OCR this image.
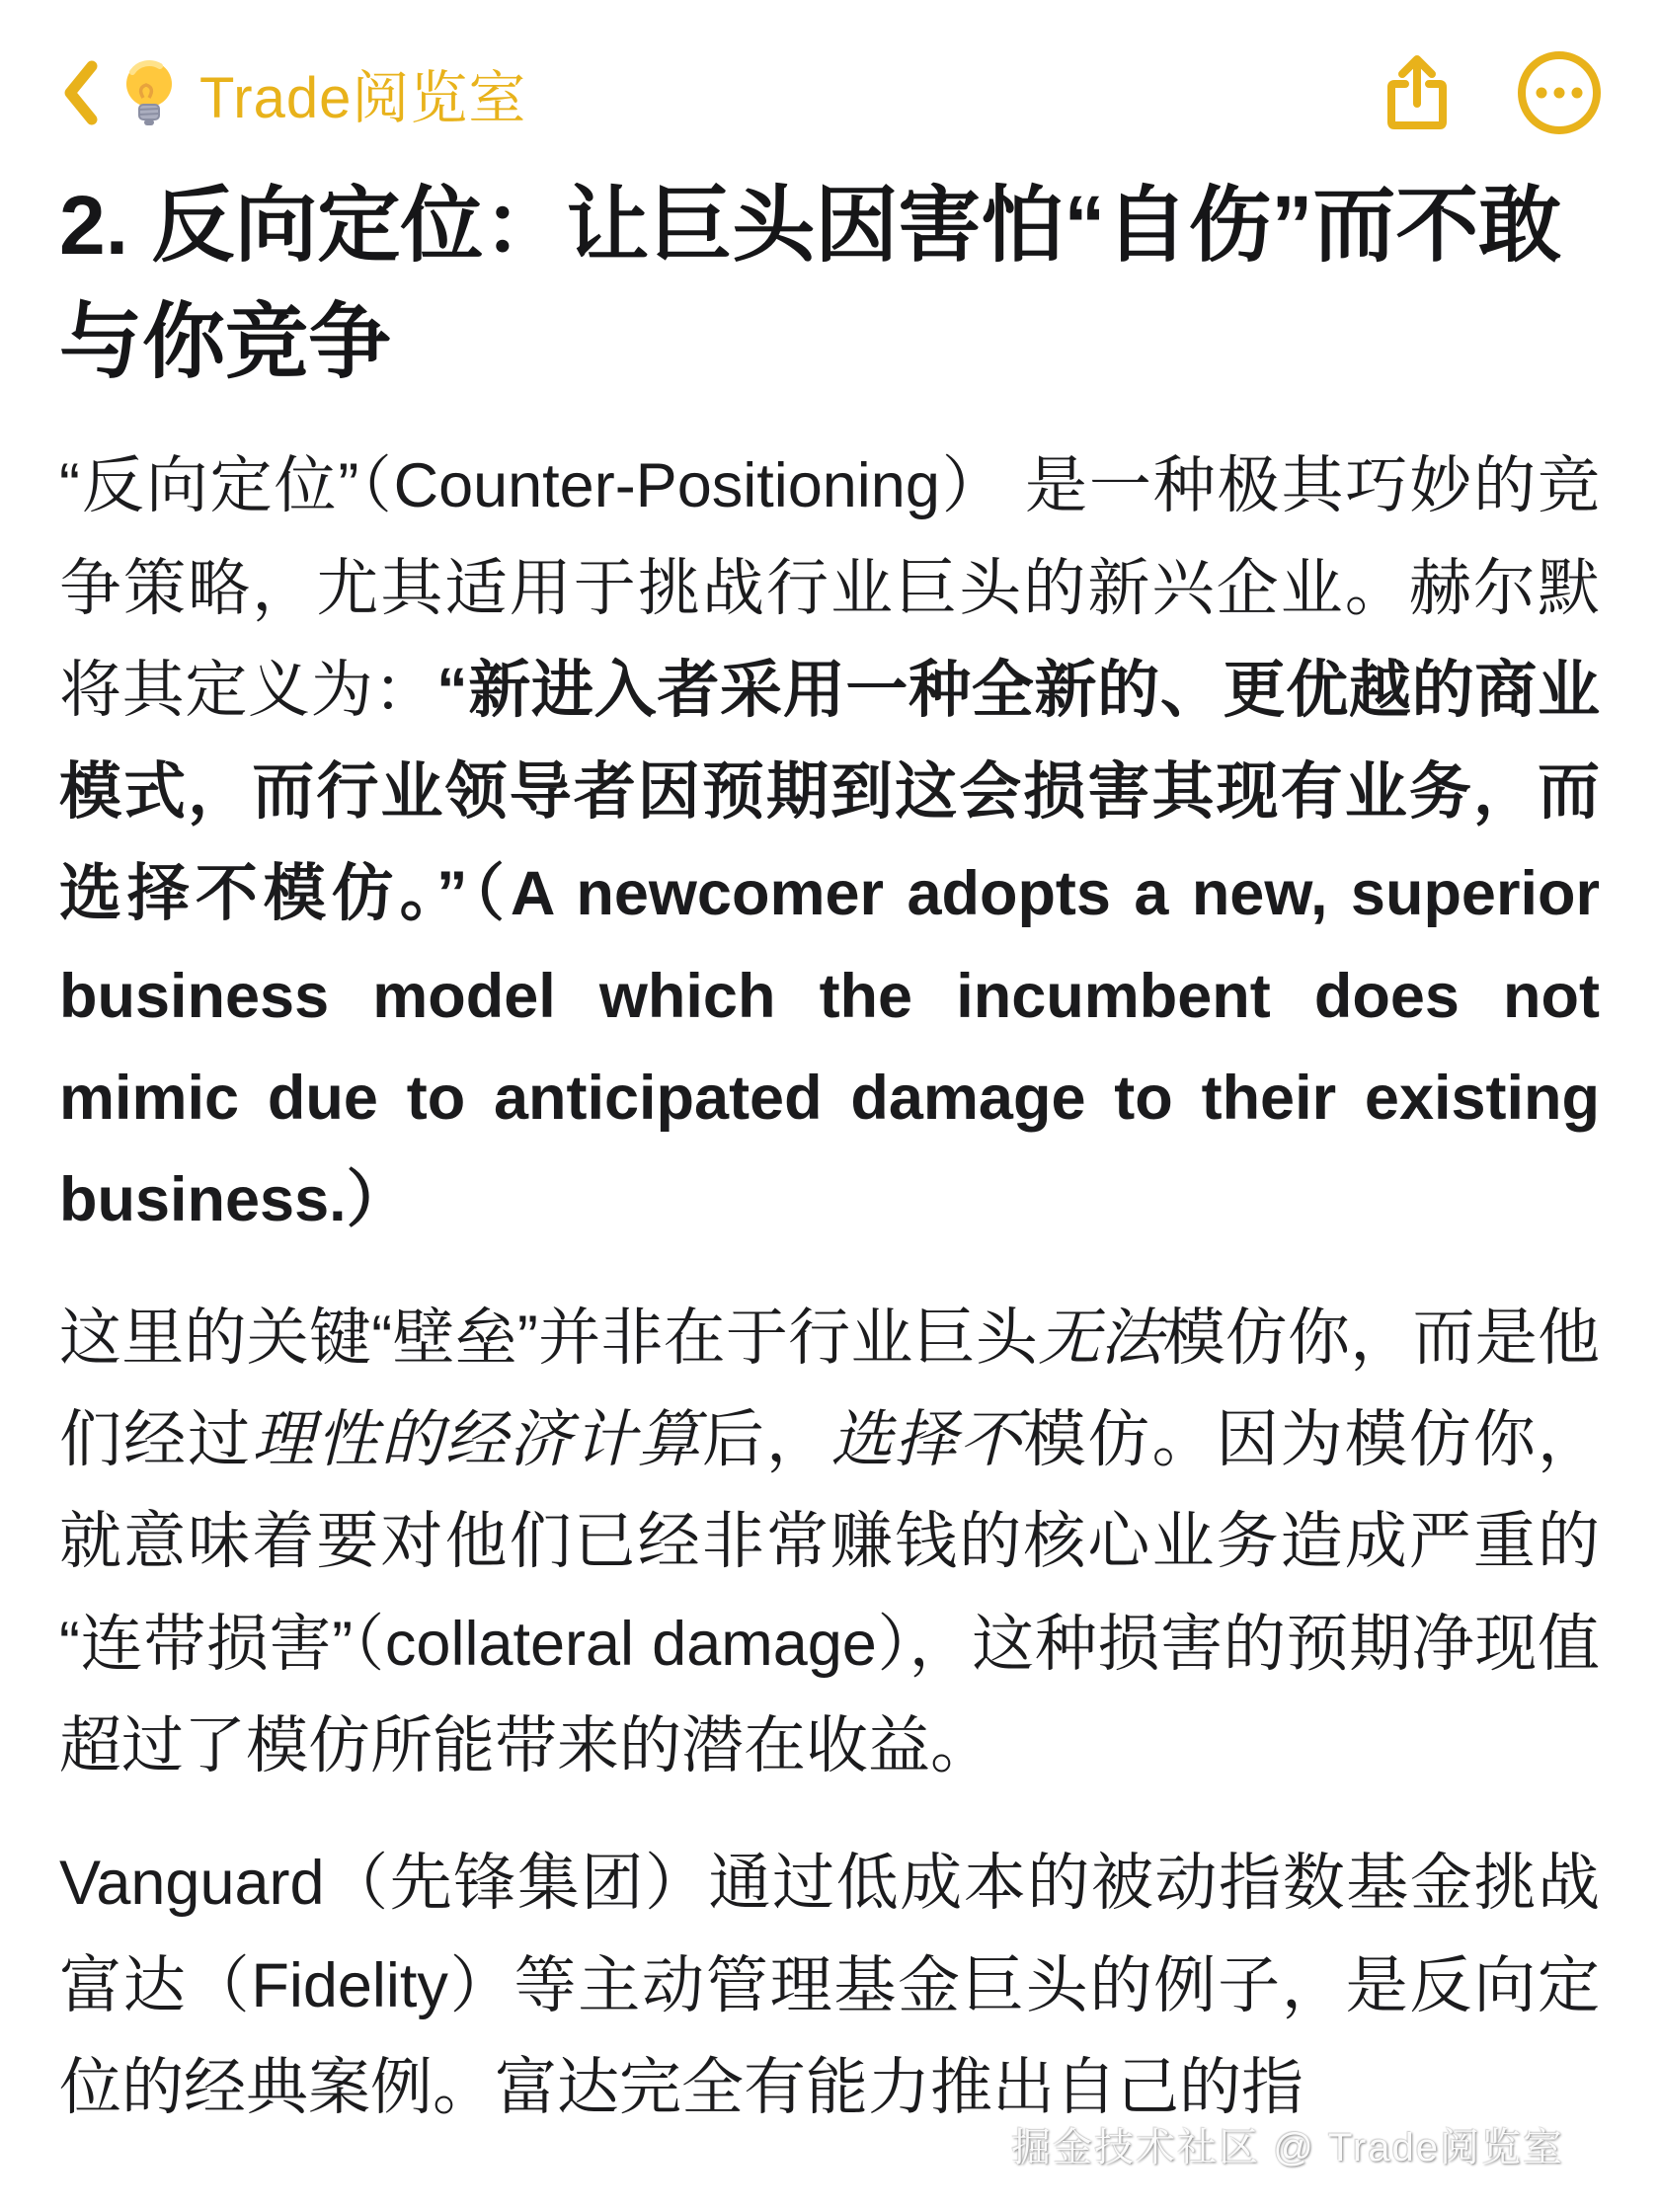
Trade阅览室
2. 反向定位：让巨头因害怕“自伤”而不敢与你竞争

“反向定位”（Counter-Positioning） 是一种极其巧妙的竞争策略，尤其适用于挑战行业巨头的新兴企业。赫尔默将其定义为：“新进入者采用一种全新的、更优越的商业模式，而行业领导者因预期到这会损害其现有业务，而选择不模仿。”（A newcomer adopts a new, superior business model which the incumbent does not mimic due to anticipated damage to their existing business.）

这里的关键“壁垒”并非在于行业巨头无法模仿你，而是他们经过理性的经济计算后，选择不模仿。因为模仿你，就意味着要对他们已经非常赚钱的核心业务造成严重的“连带损害”（collateral damage），这种损害的预期净现值超过了模仿所能带来的潜在收益。

Vanguard（先锋集团）通过低成本的被动指数基金挑战富达（Fidelity）等主动管理基金巨头的例子，是反向定位的经典案例。富达完全有能力推出自己的指

掘金技术社区 @ Trade阅览室
